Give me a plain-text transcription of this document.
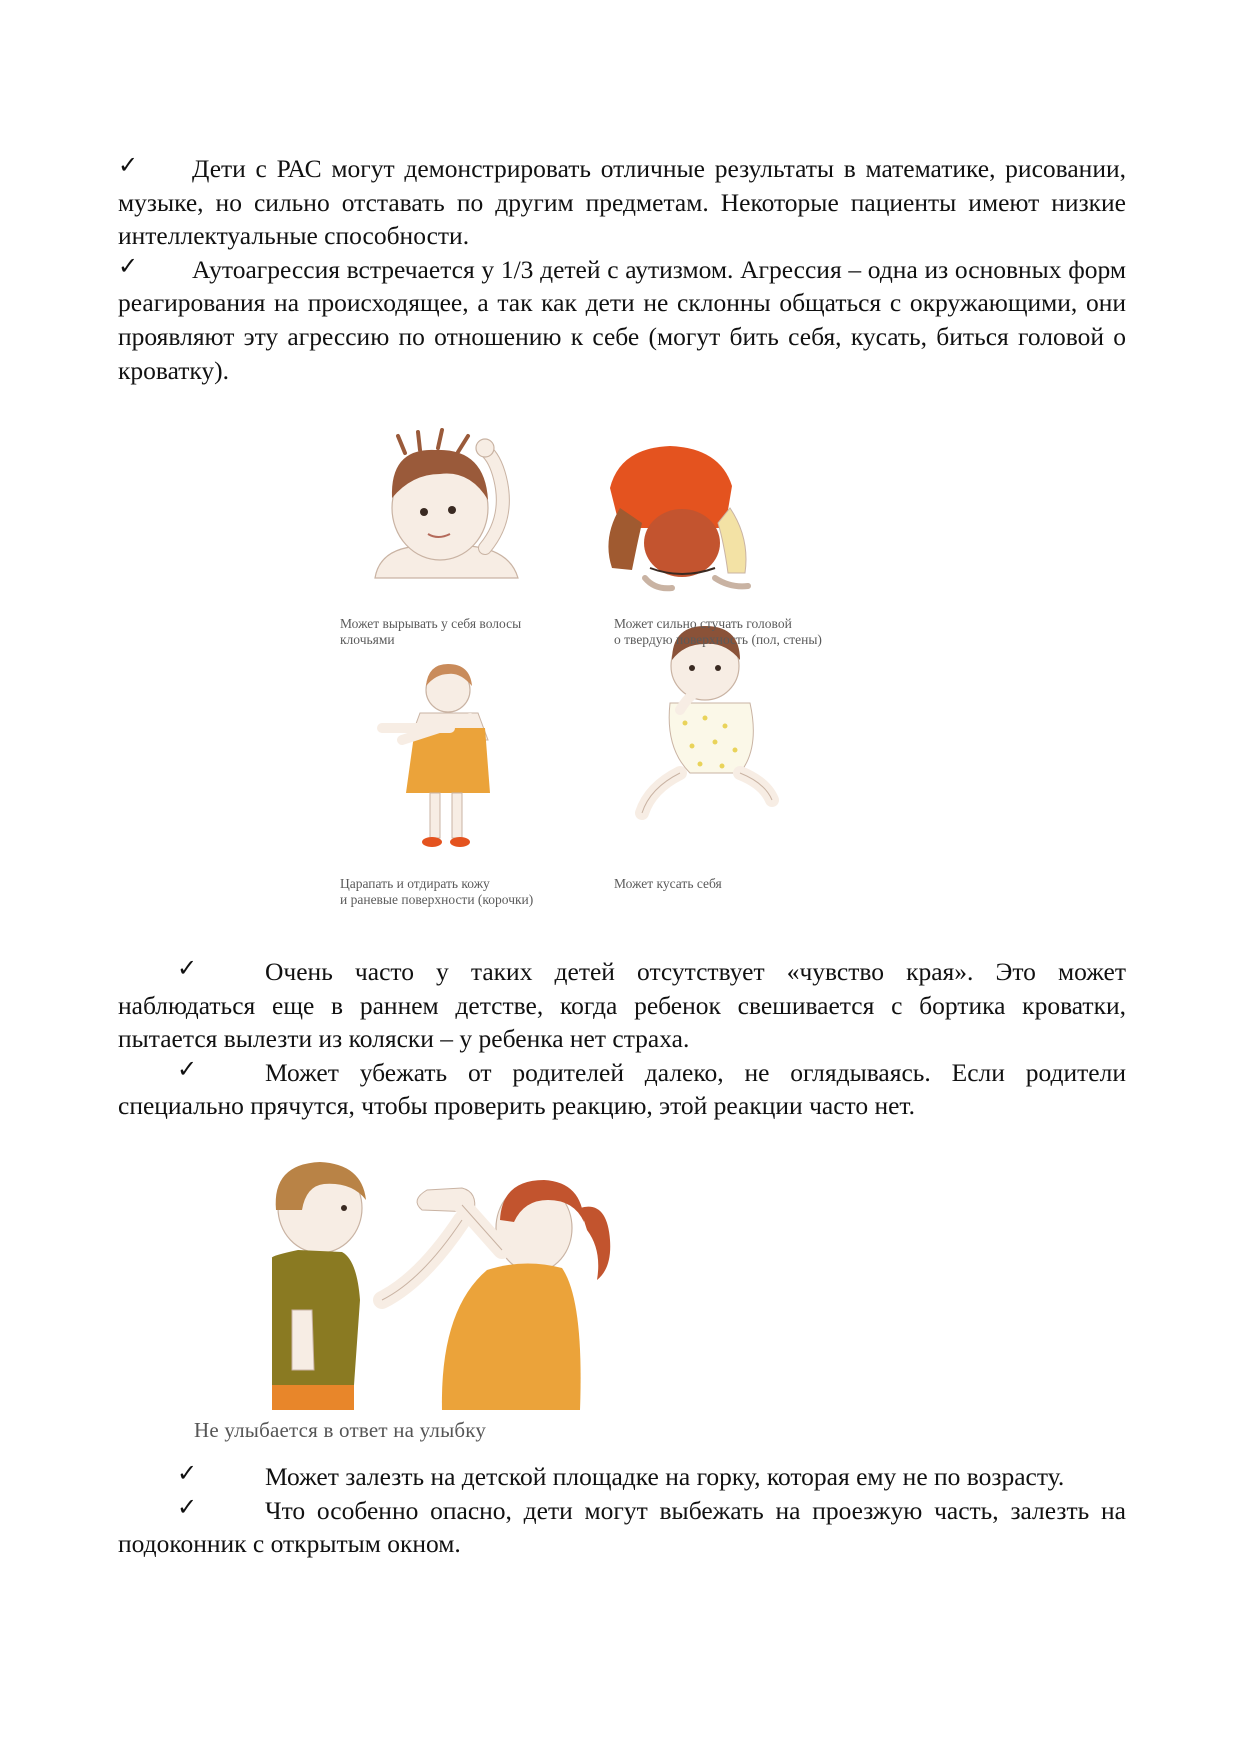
✓ Дети с РАС могут демонстрировать отличные результаты в математике, рисовании, музыке, но сильно отставать по другим предметам. Некоторые пациенты имеют низкие интеллектуальные способности.

✓ Аутоагрессия встречается у 1/3 детей с аутизмом. Агрессия – одна из основных форм реагирования на происходящее, а так как дети не склонны общаться с окружающими, они проявляют эту агрессию по отношению к себе (могут бить себя, кусать, биться головой о кроватку).

Может вырывать у себя волосы
клочьями
Может сильно стучать головой
о твердую поверхность (пол, стены)
Царапать и отдирать кожу
и раневые поверхности (корочки)
Может кусать себя

✓	Очень часто у таких детей отсутствует «чувство края». Это может наблюдаться еще в раннем детстве, когда ребенок свешивается с бортика кроватки, пытается вылезти из коляски – у ребенка нет страха.

✓	Может убежать от родителей далеко, не оглядываясь. Если родители специально прячутся, чтобы проверить реакцию, этой реакции часто нет.

Не улыбается в ответ на улыбку

✓	Может залезть на детской площадке на горку, которая ему не по возрасту.

✓	Что особенно опасно, дети могут выбежать на проезжую часть, залезть на подоконник с открытым окном.
